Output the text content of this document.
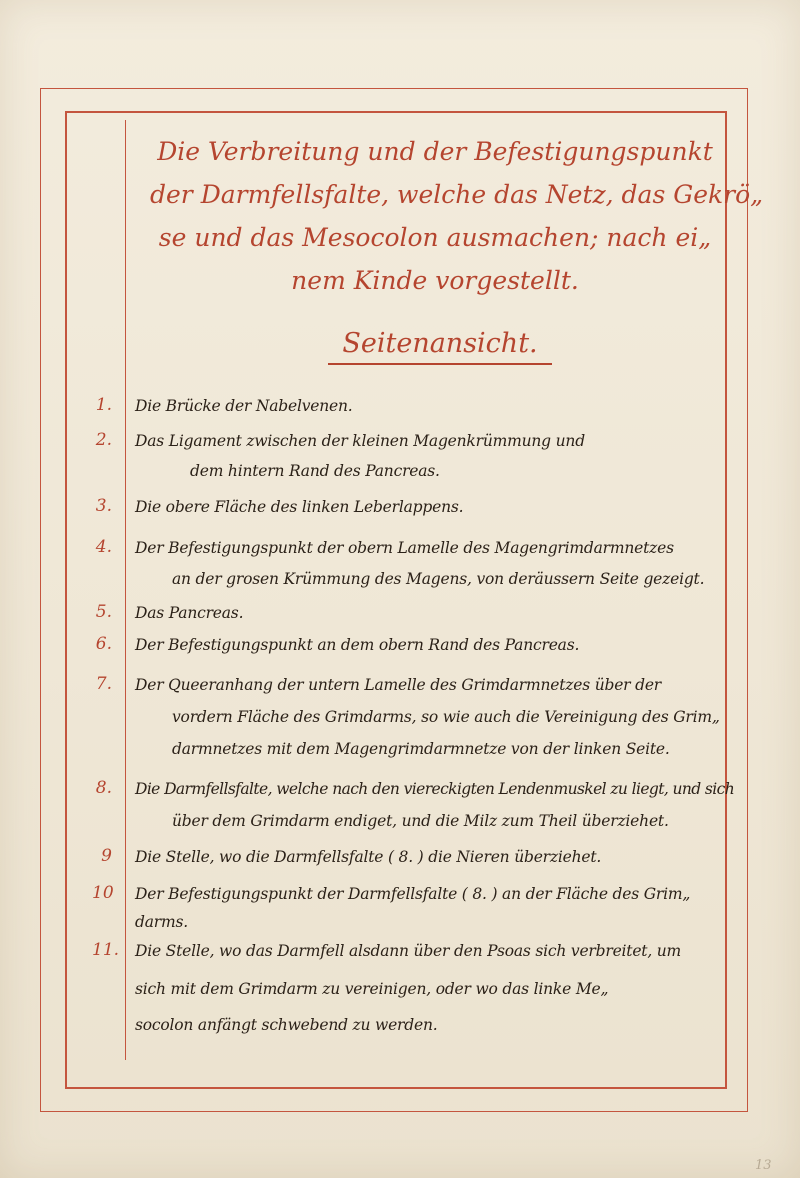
Die Verbreitung und der Befestigungspunkt
der Darmfellsfalte, welche das Netz, das Gekrö„
se und das Mesocolon ausmachen; nach ei„
nem Kinde vorgestellt.
Seitenansicht.
1. Die Brücke der Nabelvenen.
2. Das Ligament zwischen der kleinen Magenkrümmung und
dem hintern Rand des Pancreas.
3. Die obere Fläche des linken Leberlappens.
4. Der Befestigungspunkt der obern Lamelle des Magengrimdarmnetzes
an der grosen Krümmung des Magens, von deräussern Seite gezeigt.
5. Das Pancreas.
6. Der Befestigungspunkt an dem obern Rand des Pancreas.
7. Der Queeranhang der untern Lamelle des Grimdarmnetzes über der
vordern Fläche des Grimdarms, so wie auch die Vereinigung des Grim„
darmnetzes mit dem Magengrimdarmnetze von der linken Seite.
8. Die Darmfellsfalte, welche nach den viereckigten Lendenmuskel zu liegt, und sich
über dem Grimdarm endiget, und die Milz zum Theil überziehet.
9 Die Stelle, wo die Darmfellsfalte ( 8. ) die Nieren überziehet.
10 Der Befestigungspunkt der Darmfellsfalte ( 8. ) an der Fläche des Grim„
darms.
11. Die Stelle, wo das Darmfell alsdann über den Psoas sich verbreitet, um
sich mit dem Grimdarm zu vereinigen, oder wo das linke Me„
socolon anfängt schwebend zu werden.
13
